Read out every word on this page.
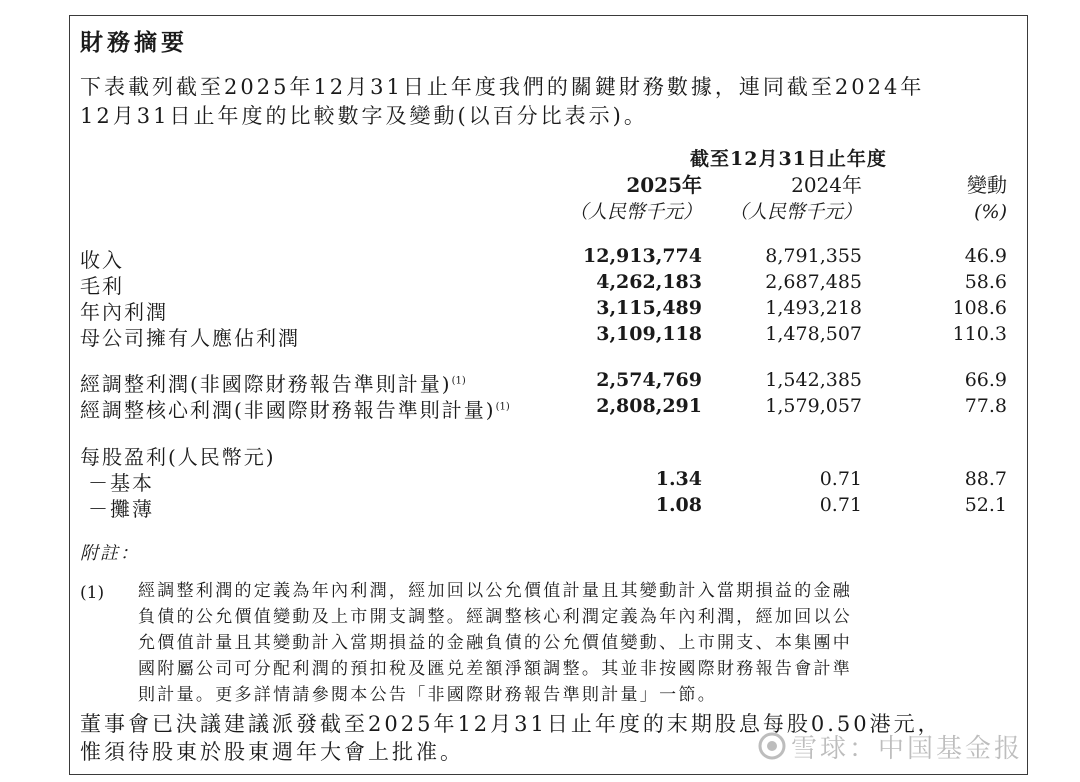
財務摘要
下表載列截至2025年12月31日止年度我們的關鍵財務數據，連同截至2024年
12月31日止年度的比較數字及變動(以百分比表示)。
截至12月31日止年度
2025年	2024年	變動
（人民幣千元）	（人民幣千元）	(%)
收入	12,913,774	8,791,355	46.9
毛利	4,262,183	2,687,485	58.6
年內利潤	3,115,489	1,493,218	108.6
母公司擁有人應佔利潤	3,109,118	1,478,507	110.3
經調整利潤(非國際財務報告準則計量)$^{(1)}$	2,574,769	1,542,385	66.9
經調整核心利潤(非國際財務報告準則計量)$^{(1)}$	2,808,291	1,579,057	77.8
每股盈利(人民幣元)
－基本	1.34	0.71	88.7
－攤薄	1.08	0.71	52.1
附註：
(1) 經調整利潤的定義為年內利潤，經加回以公允價值計量且其變動計入當期損益的金融
負債的公允價值變動及上市開支調整。經調整核心利潤定義為年內利潤，經加回以公
允價值計量且其變動計入當期損益的金融負債的公允價值變動、上市開支、本集團中
國附屬公司可分配利潤的預扣稅及匯兑差額淨額調整。其並非按國際財務報告會計準
則計量。更多詳情請參閱本公告「非國際財務報告準則計量」一節。
董事會已決議建議派發截至2025年12月31日止年度的末期股息每股0.50港元，
惟須待股東於股東週年大會上批准。	雪球：中国基金报
